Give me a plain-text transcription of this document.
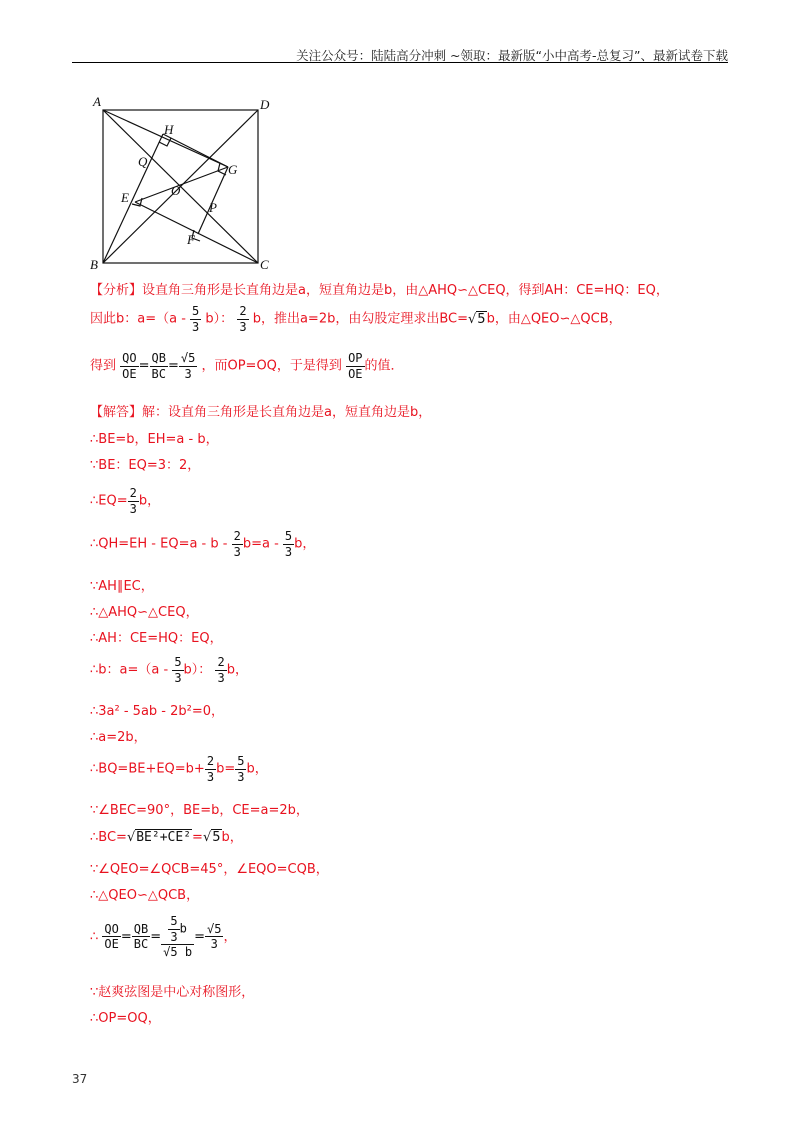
关注公众号：陆陆高分冲刺 ~领取：最新版“小中高考-总复习”、最新试卷下载
A	D
B	C
H
Q
G
O
E
P
F
【分析】设直角三角形是长直角边是a，短直角边是b，由△AHQ∽△CEQ，得到AH：CE=HQ：EQ，
因此b：$a=(a - \frac{5}{3} b)$： $\frac{2}{3}$ b，推出a=2b，由勾股定理求出BC=√5b，由△QEO∽△QCB，
得到 $\frac{QO}{OE} = \frac{QB}{BC} = \frac{√5}{3}$ ，而OP=OQ，于是得到 $\frac{OP}{OE}$ 的值．
【解答】解：设直角三角形是长直角边是a，短直角边是b，
∴BE=b，EH=a - b，
∵BE：EQ=3：2，
∴EQ= $\frac{2}{3}$ b，
∴QH=EH - $EQ=a - b - \frac{2}{3} b=a - \frac{5}{3}$ b，
∵AH∥EC，
∴△AHQ∽△CEQ，
∴AH：CE=HQ：EQ，
∴b：$a=(a - \frac{5}{3} b)$： $\frac{2}{3}$ b，
∴3a² - 5ab - 2b²=0，
∴a=2b，
∴BQ=BE+EQ=b+ $\frac{2}{3} b= \frac{5}{3}$ b，
∵∠BEC=90°，BE=b，CE=a=2b，
∴BC=√BE²+CE²=√5b，
∵∠QEO=∠QCB=45°，∠EQO=CQB，
∴△QEO∽△QCB，
∴ $\frac{QO}{OE} = \frac{QB}{BC} = \frac{\frac{5}{3} b}{√5 b} = \frac{√5}{3}$ ，
∵赵爽弦图是中心对称图形，
∴OP=OQ，
37
